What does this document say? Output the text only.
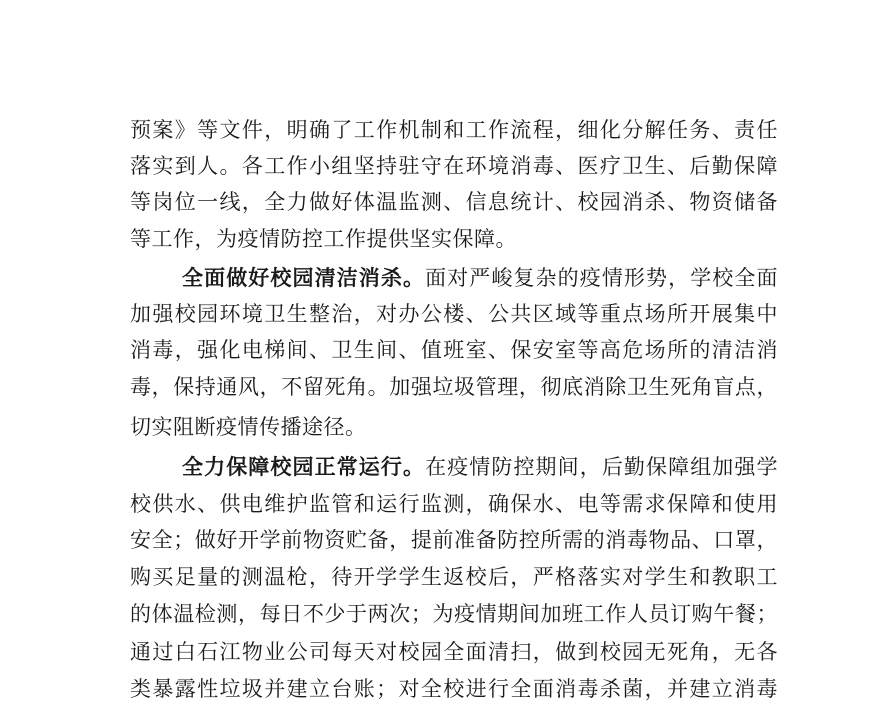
预案》等文件，明确了工作机制和工作流程，细化分解任务、责任
落实到人。各工作小组坚持驻守在环境消毒、医疗卫生、后勤保障
等岗位一线，全力做好体温监测、信息统计、校园消杀、物资储备
等工作，为疫情防控工作提供坚实保障。
全面做好校园清洁消杀。面对严峻复杂的疫情形势，学校全面
加强校园环境卫生整治，对办公楼、公共区域等重点场所开展集中
消毒，强化电梯间、卫生间、值班室、保安室等高危场所的清洁消
毒，保持通风，不留死角。加强垃圾管理，彻底消除卫生死角盲点，
切实阻断疫情传播途径。
全力保障校园正常运行。在疫情防控期间，后勤保障组加强学
校供水、供电维护监管和运行监测，确保水、电等需求保障和使用
安全；做好开学前物资贮备，提前准备防控所需的消毒物品、口罩，
购买足量的测温枪，待开学学生返校后，严格落实对学生和教职工
的体温检测，每日不少于两次；为疫情期间加班工作人员订购午餐；
通过白石江物业公司每天对校园全面清扫，做到校园无死角，无各
类暴露性垃圾并建立台账；对全校进行全面消毒杀菌，并建立消毒
